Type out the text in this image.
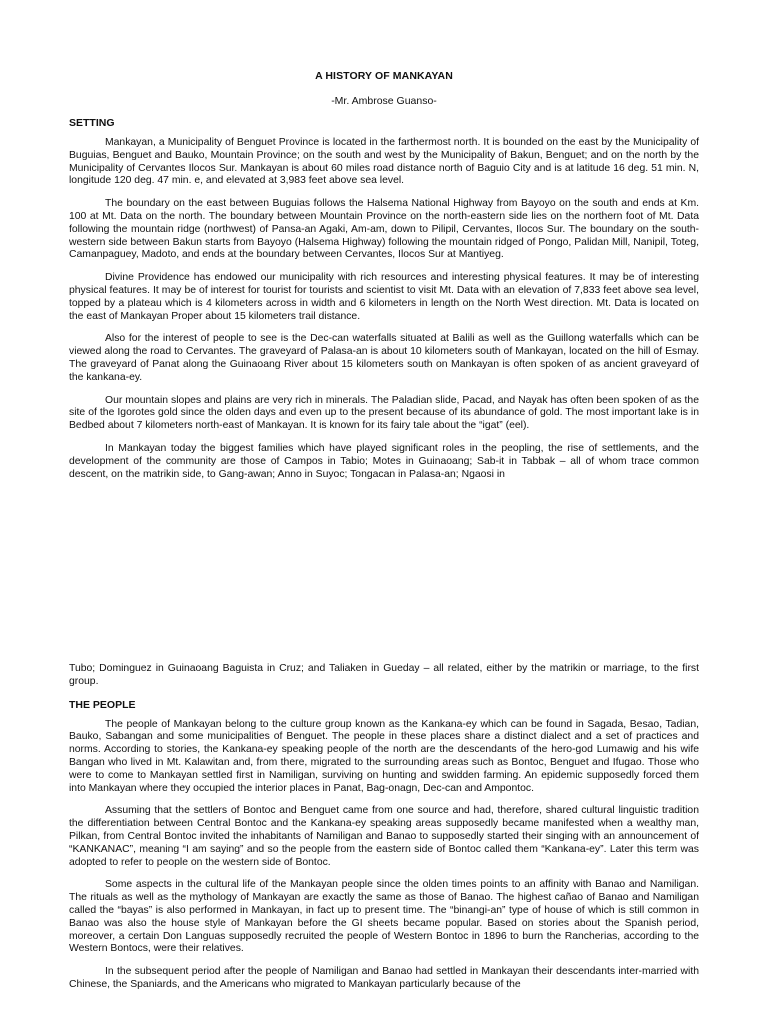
A HISTORY OF MANKAYAN
-Mr. Ambrose Guanso-

SETTING

Mankayan, a Municipality of Benguet Province is located in the farthermost north. It is bounded on the east by the Municipality of Buguias, Benguet and Bauko, Mountain Province; on the south and west by the Municipality of Bakun, Benguet; and on the north by the Municipality of Cervantes Ilocos Sur. Mankayan is about 60 miles road distance north of Baguio City and is at latitude 16 deg. 51 min. N, longitude 120 deg. 47 min. e, and elevated at 3,983 feet above sea level.

The boundary on the east between Buguias follows the Halsema National Highway from Bayoyo on the south and ends at Km. 100 at Mt. Data on the north. The boundary between Mountain Province on the north-eastern side lies on the northern foot of Mt. Data following the mountain ridge (northwest) of Pansa-an Agaki, Am-am, down to Pilipil, Cervantes, Ilocos Sur. The boundary on the south-western side between Bakun starts from Bayoyo (Halsema Highway) following the mountain ridged of Pongo, Palidan Mill, Nanipil, Toteg, Camanpaguey, Madoto, and ends at the boundary between Cervantes, Ilocos Sur at Mantiyeg.

Divine Providence has endowed our municipality with rich resources and interesting physical features. It may be of interesting physical features. It may be of interest for tourist for tourists and scientist to visit Mt. Data with an elevation of 7,833 feet above sea level, topped by a plateau which is 4 kilometers across in width and 6 kilometers in length on the North West direction. Mt. Data is located on the east of Mankayan Proper about 15 kilometers trail distance.

Also for the interest of people to see is the Dec-can waterfalls situated at Balili as well as the Guillong waterfalls which can be viewed along the road to Cervantes. The graveyard of Palasa-an is about 10 kilometers south of Mankayan, located on the hill of Esmay. The graveyard of Panat along the Guinaoang River about 15 kilometers south on Mankayan is often spoken of as ancient graveyard of the kankana-ey.

Our mountain slopes and plains are very rich in minerals. The Paladian slide, Pacad, and Nayak has often been spoken of as the site of the Igorotes gold since the olden days and even up to the present because of its abundance of gold. The most important lake is in Bedbed about 7 kilometers north-east of Mankayan. It is known for its fairy tale about the “igat” (eel).

In Mankayan today the biggest families which have played significant roles in the peopling, the rise of settlements, and the development of the community are those of Campos in Tabio; Motes in Guinaoang; Sab-it in Tabbak – all of whom trace common descent, on the matrikin side, to Gang-awan; Anno in Suyoc; Tongacan in Palasa-an; Ngaosi in

Tubo; Dominguez in Guinaoang Baguista in Cruz; and Taliaken in Gueday – all related, either by the matrikin or marriage, to the first group.

THE PEOPLE

The people of Mankayan belong to the culture group known as the Kankana-ey which can be found in Sagada, Besao, Tadian, Bauko, Sabangan and some municipalities of Benguet. The people in these places share a distinct dialect and a set of practices and norms. According to stories, the Kankana-ey speaking people of the north are the descendants of the hero-god Lumawig and his wife Bangan who lived in Mt. Kalawitan and, from there, migrated to the surrounding areas such as Bontoc, Benguet and Ifugao. Those who were to come to Mankayan settled first in Namiligan, surviving on hunting and swidden farming. An epidemic supposedly forced them into Mankayan where they occupied the interior places in Panat, Bag-onagn, Dec-can and Ampontoc.

Assuming that the settlers of Bontoc and Benguet came from one source and had, therefore, shared cultural linguistic tradition the differentiation between Central Bontoc and the Kankana-ey speaking areas supposedly became manifested when a wealthy man, Pilkan, from Central Bontoc invited the inhabitants of Namiligan and Banao to supposedly started their singing with an announcement of “KANKANAC”, meaning “I am saying” and so the people from the eastern side of Bontoc called them “Kankana-ey”. Later this term was adopted to refer to people on the western side of Bontoc.

Some aspects in the cultural life of the Mankayan people since the olden times points to an affinity with Banao and Namiligan. The rituals as well as the mythology of Mankayan are exactly the same as those of Banao. The highest cañao of Banao and Namiligan called the “bayas” is also performed in Mankayan, in fact up to present time. The “binangi-an” type of house of which is still common in Banao was also the house style of Mankayan before the GI sheets became popular. Based on stories about the Spanish period, moreover, a certain Don Languas supposedly recruited the people of Western Bontoc in 1896 to burn the Rancherias, according to the Western Bontocs, were their relatives.

In the subsequent period after the people of Namiligan and Banao had settled in Mankayan their descendants inter-married with Chinese, the Spaniards, and the Americans who migrated to Mankayan particularly because of the
